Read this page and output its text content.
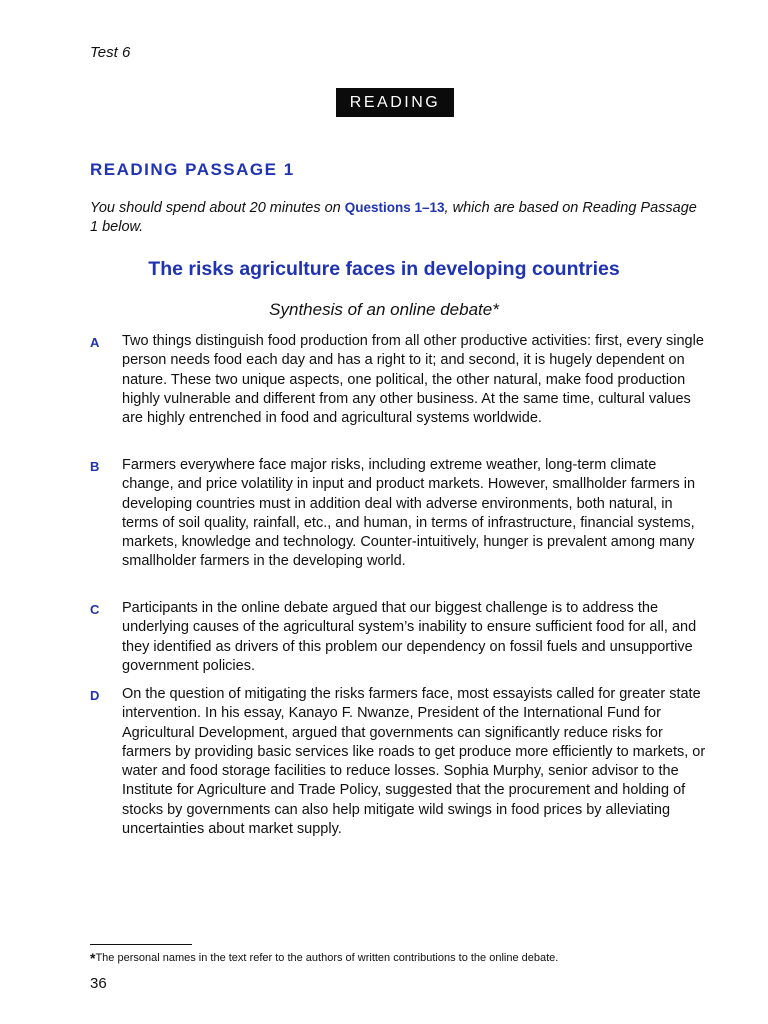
Test 6
READING
READING PASSAGE 1
You should spend about 20 minutes on Questions 1–13, which are based on Reading Passage 1 below.
The risks agriculture faces in developing countries
Synthesis of an online debate*
A Two things distinguish food production from all other productive activities: first, every single person needs food each day and has a right to it; and second, it is hugely dependent on nature. These two unique aspects, one political, the other natural, make food production highly vulnerable and different from any other business. At the same time, cultural values are highly entrenched in food and agricultural systems worldwide.
B Farmers everywhere face major risks, including extreme weather, long-term climate change, and price volatility in input and product markets. However, smallholder farmers in developing countries must in addition deal with adverse environments, both natural, in terms of soil quality, rainfall, etc., and human, in terms of infrastructure, financial systems, markets, knowledge and technology. Counter-intuitively, hunger is prevalent among many smallholder farmers in the developing world.
C Participants in the online debate argued that our biggest challenge is to address the underlying causes of the agricultural system’s inability to ensure sufficient food for all, and they identified as drivers of this problem our dependency on fossil fuels and unsupportive government policies.
D On the question of mitigating the risks farmers face, most essayists called for greater state intervention. In his essay, Kanayo F. Nwanze, President of the International Fund for Agricultural Development, argued that governments can significantly reduce risks for farmers by providing basic services like roads to get produce more efficiently to markets, or water and food storage facilities to reduce losses. Sophia Murphy, senior advisor to the Institute for Agriculture and Trade Policy, suggested that the procurement and holding of stocks by governments can also help mitigate wild swings in food prices by alleviating uncertainties about market supply.
*The personal names in the text refer to the authors of written contributions to the online debate.
36
